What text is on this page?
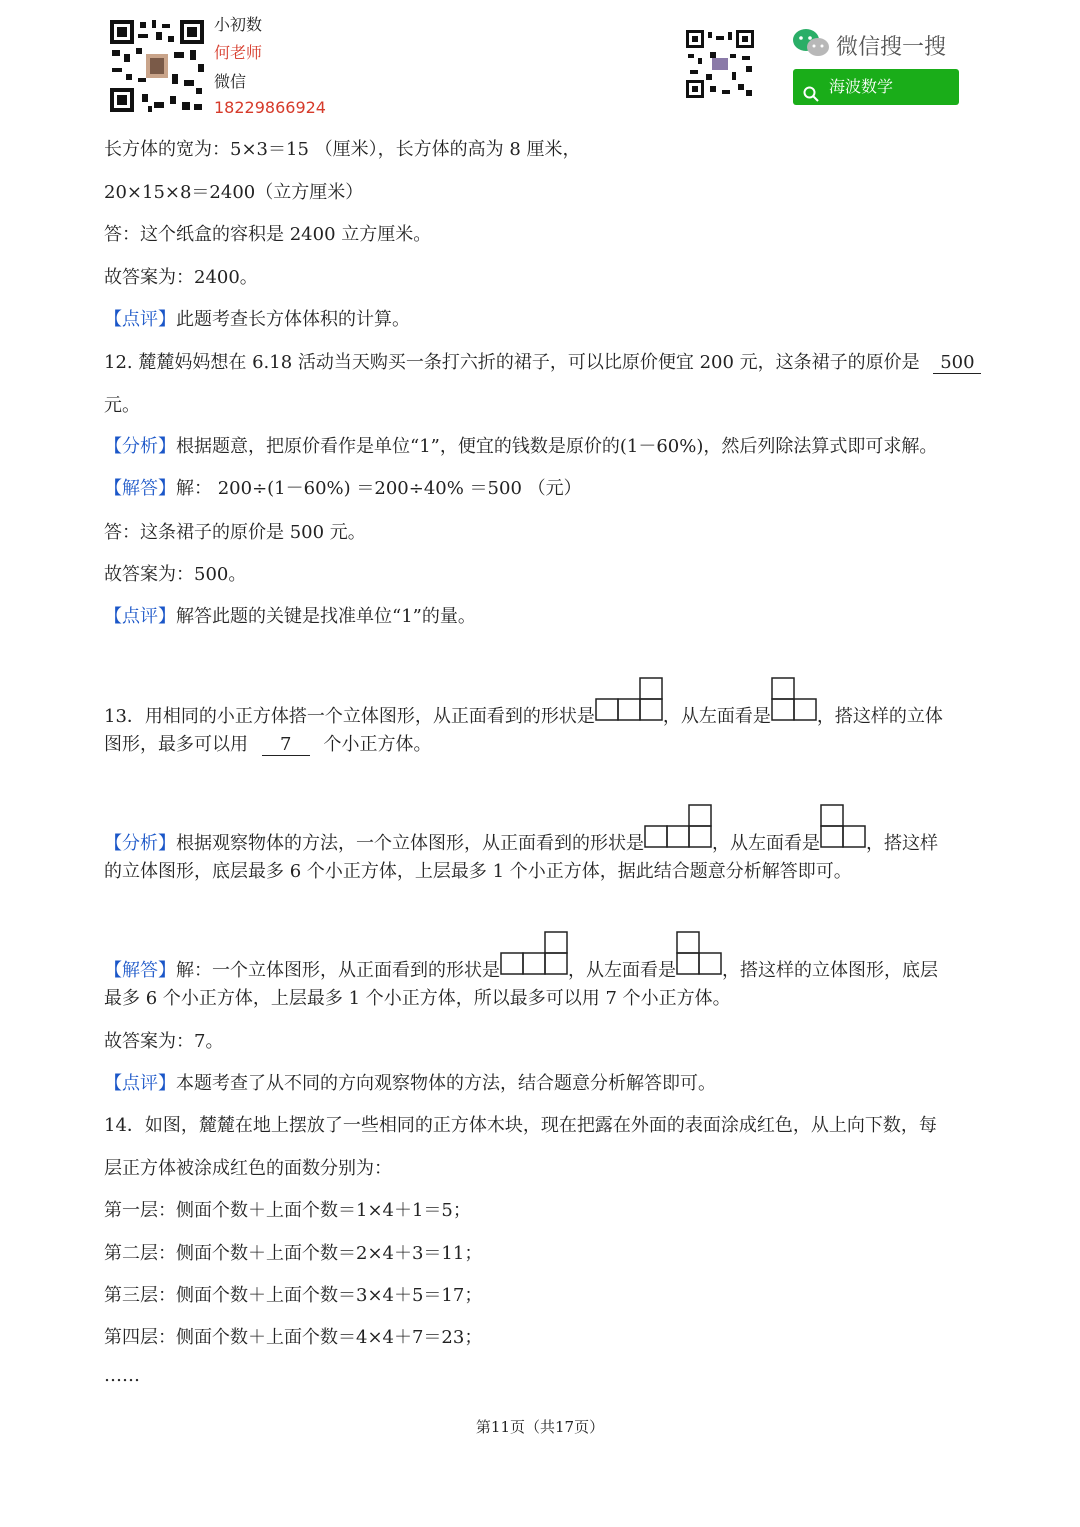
小初数
何老师
微信
18229866924
微信搜一搜
海波数学
长方体的宽为：5×3＝15 （厘米），长方体的高为 8 厘米，
20×15×8＝2400（立方厘米）
答：这个纸盒的容积是 2400 立方厘米。
故答案为：2400。
【点评】此题考查长方体体积的计算。
12. 麓麓妈妈想在 6.18 活动当天购买一条打六折的裙子，可以比原价便宜 200 元，这条裙子的原价是 500
元。
【分析】根据题意，把原价看作是单位“1”，便宜的钱数是原价的(1－60%)，然后列除法算式即可求解。
【解答】解： 200÷(1－60%) ＝200÷40% ＝500 （元）
答：这条裙子的原价是 500 元。
故答案为：500。
【点评】解答此题的关键是找准单位“1”的量。
13．用相同的小正方体搭一个立体图形，从正面看到的形状是	，从左面看是	，搭这样的立体
图形，最多可以用 7 个小正方体。
【分析】根据观察物体的方法，一个立体图形，从正面看到的形状是	，从左面看是	，搭这样
的立体图形，底层最多 6 个小正方体，上层最多 1 个小正方体，据此结合题意分析解答即可。
【解答】解：一个立体图形，从正面看到的形状是	，从左面看是	，搭这样的立体图形，底层
最多 6 个小正方体，上层最多 1 个小正方体，所以最多可以用 7 个小正方体。
故答案为：7。
【点评】本题考查了从不同的方向观察物体的方法，结合题意分析解答即可。
14．如图，麓麓在地上摆放了一些相同的正方体木块，现在把露在外面的表面涂成红色，从上向下数，每
层正方体被涂成红色的面数分别为：
第一层：侧面个数＋上面个数＝1×4＋1＝5；
第二层：侧面个数＋上面个数＝2×4＋3＝11；
第三层：侧面个数＋上面个数＝3×4＋5＝17；
第四层：侧面个数＋上面个数＝4×4＋7＝23；
……
第11页（共17页）
